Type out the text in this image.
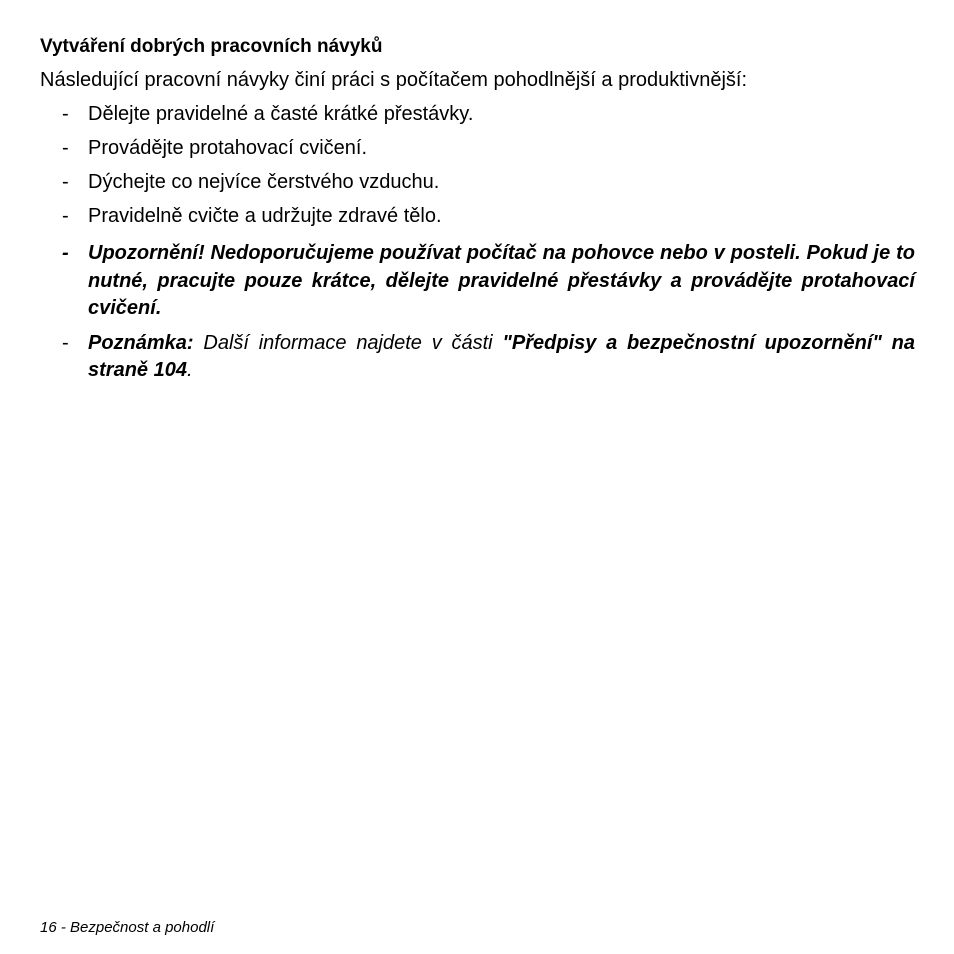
Vytváření dobrých pracovních návyků
Následující pracovní návyky činí práci s počítačem pohodlnější a produktivnější:
- Dělejte pravidelné a časté krátké přestávky.
- Provádějte protahovací cvičení.
- Dýchejte co nejvíce čerstvého vzduchu.
- Pravidelně cvičte a udržujte zdravé tělo.
- Upozornění! Nedoporučujeme používat počítač na pohovce nebo v posteli. Pokud je to nutné, pracujte pouze krátce, dělejte pravidelné přestávky a provádějte protahovací cvičení.
- Poznámka: Další informace najdete v části "Předpisy a bezpečnostní upozornění" na straně 104.
16 - Bezpečnost a pohodlí
